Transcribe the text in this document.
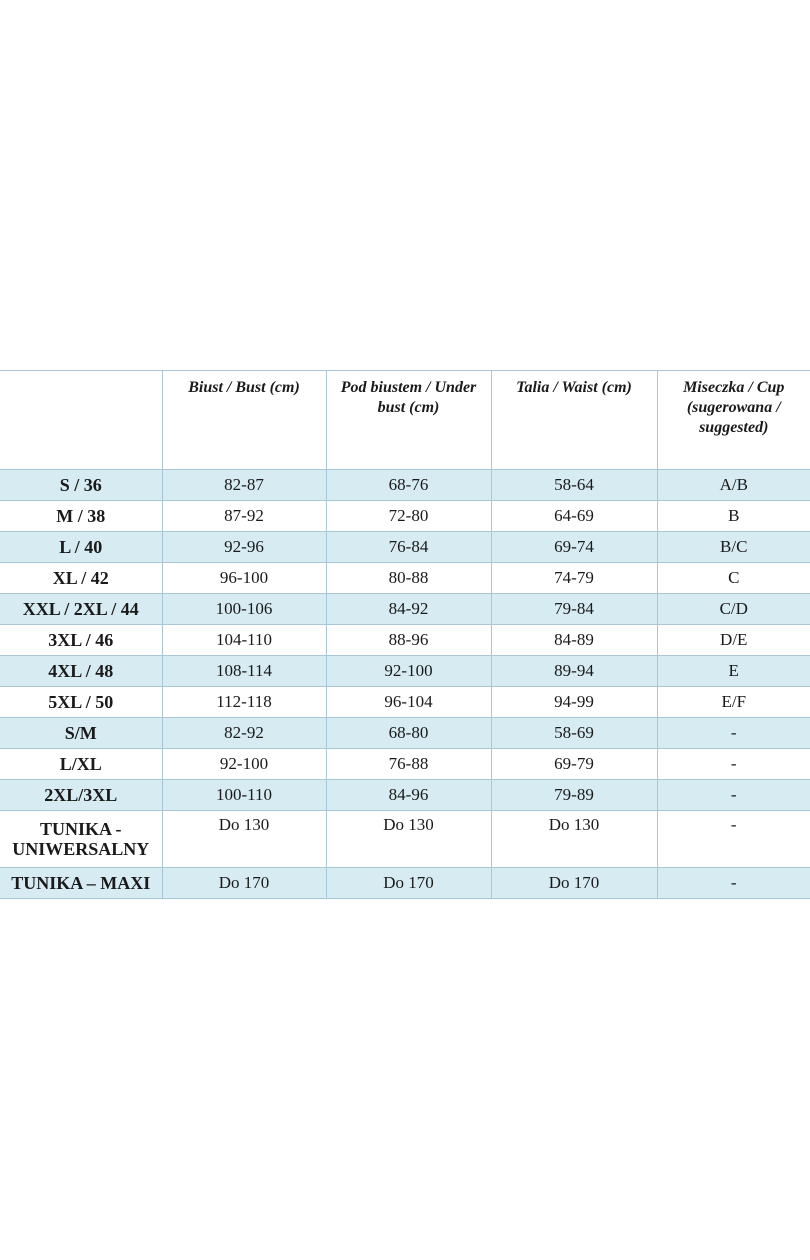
	Biust / Bust (cm)	Pod biustem / Under bust (cm)	Talia / Waist (cm)	Miseczka / Cup (sugerowana / suggested)
S / 36	82-87	68-76	58-64	A/B
M / 38	87-92	72-80	64-69	B
L / 40	92-96	76-84	69-74	B/C
XL / 42	96-100	80-88	74-79	C
XXL / 2XL / 44	100-106	84-92	79-84	C/D
3XL / 46	104-110	88-96	84-89	D/E
4XL / 48	108-114	92-100	89-94	E
5XL / 50	112-118	96-104	94-99	E/F
S/M	82-92	68-80	58-69	-
L/XL	92-100	76-88	69-79	-
2XL/3XL	100-110	84-96	79-89	-
TUNIKA - UNIWERSALNY	Do 130	Do 130	Do 130	-
TUNIKA – MAXI	Do 170	Do 170	Do 170	-
